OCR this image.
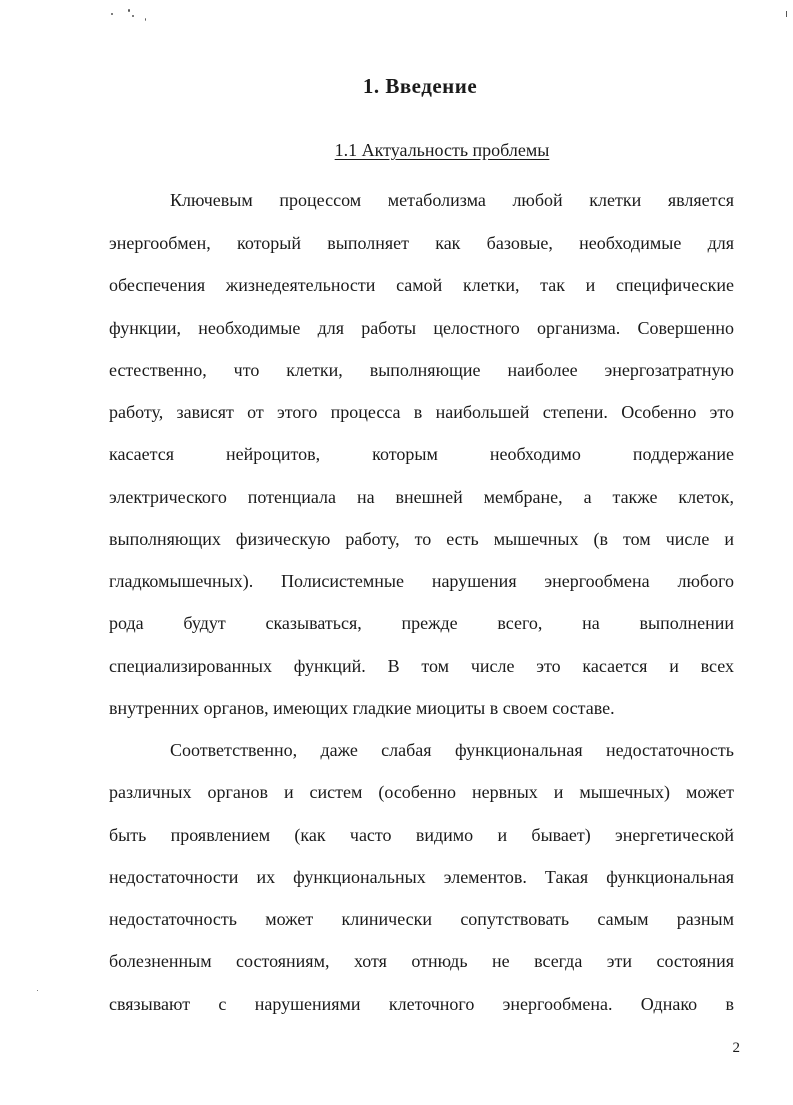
1. Введение
1.1 Актуальность проблемы
Ключевым процессом метаболизма любой клетки является
энергообмен, который выполняет как базовые, необходимые для
обеспечения жизнедеятельности самой клетки, так и специфические
функции, необходимые для работы целостного организма. Совершенно
естественно, что клетки, выполняющие наиболее энергозатратную
работу, зависят от этого процесса в наибольшей степени. Особенно это
касается нейроцитов, которым необходимо поддержание
электрического потенциала на внешней мембране, а также клеток,
выполняющих физическую работу, то есть мышечных (в том числе и
гладкомышечных). Полисистемные нарушения энергообмена любого
рода будут сказываться, прежде всего, на выполнении
специализированных функций. В том числе это касается и всех
внутренних органов, имеющих гладкие миоциты в своем составе.
Соответственно, даже слабая функциональная недостаточность
различных органов и систем (особенно нервных и мышечных) может
быть проявлением (как часто видимо и бывает) энергетической
недостаточности их функциональных элементов. Такая функциональная
недостаточность может клинически сопутствовать самым разным
болезненным состояниям, хотя отнюдь не всегда эти состояния
связывают с нарушениями клеточного энергообмена. Однако в
2
